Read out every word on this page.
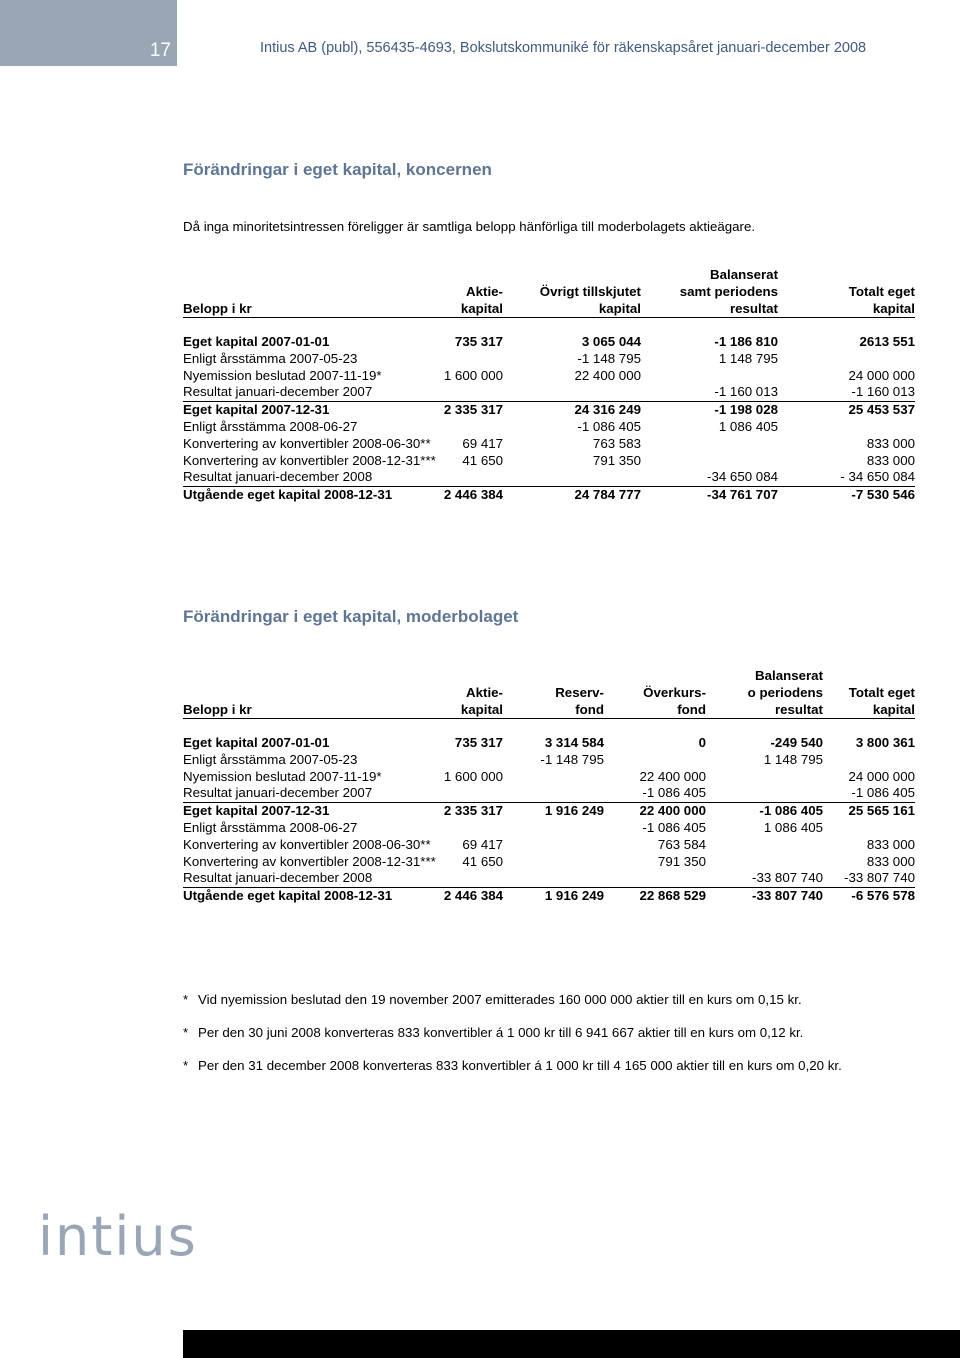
17	Intius AB (publ), 556435-4693, Bokslutskommuniké för räkenskapsåret januari-december 2008
Förändringar i eget kapital, koncernen
Då inga minoritetsintressen föreligger är samtliga belopp hänförliga till moderbolagets aktieägare.
			Balanserat	
	Aktie-	Övrigt tillskjutet	samt periodens	Totalt eget
Belopp i kr	kapital	kapital	resultat	kapital

Eget kapital 2007-01-01	735 317	3 065 044	-1 186 810	2613 551
Enligt årsstämma 2007-05-23		-1 148 795	1 148 795	
Nyemission beslutad 2007-11-19*	1 600 000	22 400 000		24 000 000
Resultat januari-december 2007			-1 160 013	-1 160 013
Eget kapital 2007-12-31	2 335 317	24 316 249	-1 198 028	25 453 537
Enligt årsstämma 2008-06-27		-1 086 405	1 086 405	
Konvertering av konvertibler 2008-06-30**	69 417	763 583		833 000
Konvertering av konvertibler 2008-12-31***	41 650	791 350		833 000
Resultat januari-december 2008			-34 650 084	- 34 650 084
Utgående eget kapital 2008-12-31	2 446 384	24 784 777	-34 761 707	-7 530 546
Förändringar i eget kapital, moderbolaget
				Balanserat	
	Aktie-	Reserv-	Överkurs-	o periodens	Totalt eget
Belopp i kr	kapital	fond	fond	resultat	kapital

Eget kapital 2007-01-01	735 317	3 314 584	0	-249 540	3 800 361
Enligt årsstämma 2007-05-23		-1 148 795		1 148 795	
Nyemission beslutad 2007-11-19*	1 600 000		22 400 000		24 000 000
Resultat januari-december 2007			-1 086 405		-1 086 405
Eget kapital 2007-12-31	2 335 317	1 916 249	22 400 000	-1 086 405	25 565 161
Enligt årsstämma 2008-06-27			-1 086 405	1 086 405	
Konvertering av konvertibler 2008-06-30**	69 417		763 584		833 000
Konvertering av konvertibler 2008-12-31***	41 650		791 350		833 000
Resultat januari-december 2008				-33 807 740	-33 807 740
Utgående eget kapital 2008-12-31	2 446 384	1 916 249	22 868 529	-33 807 740	-6 576 578
* Vid nyemission beslutad den 19 november 2007 emitterades 160 000 000 aktier till en kurs om 0,15 kr.
* Per den 30 juni 2008 konverteras 833 konvertibler á 1 000 kr till 6 941 667 aktier till en kurs om 0,12 kr.
* Per den 31 december 2008 konverteras 833 konvertibler á 1 000 kr till 4 165 000 aktier till en kurs om 0,20 kr.
intius
